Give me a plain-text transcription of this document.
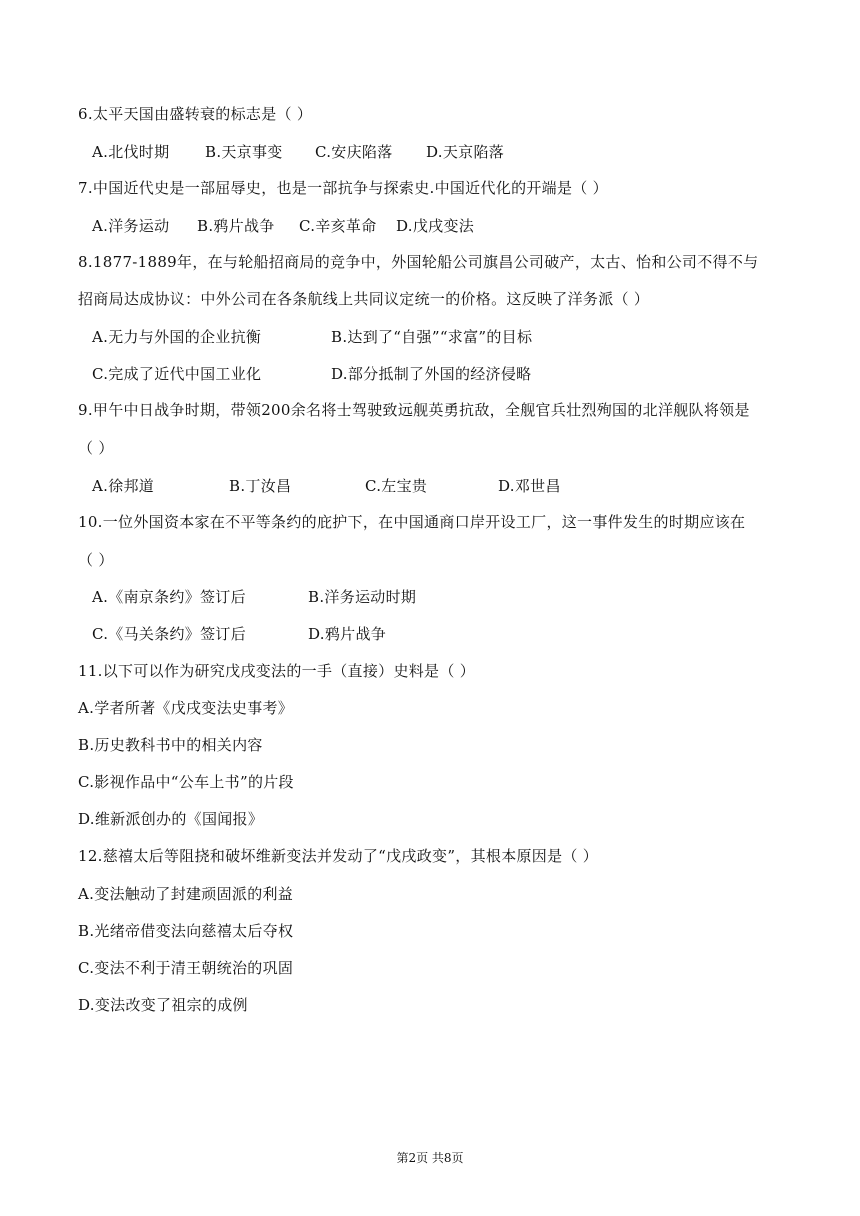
6.太平天国由盛转衰的标志是（ ）
A.北伐时期 B.天京事变 C.安庆陷落 D.天京陷落
7.中国近代史是一部屈辱史，也是一部抗争与探索史.中国近代化的开端是（ ）
A.洋务运动 B.鸦片战争 C.辛亥革命 D.戊戌变法
8.1877-1889年，在与轮船招商局的竞争中，外国轮船公司旗昌公司破产，太古、怡和公司不得不与
招商局达成协议：中外公司在各条航线上共同议定统一的价格。这反映了洋务派（ ）
A.无力与外国的企业抗衡	B.达到了“自强”“求富”的目标
C.完成了近代中国工业化	D.部分抵制了外国的经济侵略
9.甲午中日战争时期，带领200余名将士驾驶致远舰英勇抗敌，全舰官兵壮烈殉国的北洋舰队将领是
（ ）
A.徐邦道	B.丁汝昌	C.左宝贵	D.邓世昌
10.一位外国资本家在不平等条约的庇护下，在中国通商口岸开设工厂，这一事件发生的时期应该在
（ ）
A.《南京条约》签订后	B.洋务运动时期
C.《马关条约》签订后	D.鸦片战争
11.以下可以作为研究戊戌变法的一手（直接）史料是（ ）
A.学者所著《戊戌变法史事考》
B.历史教科书中的相关内容
C.影视作品中“公车上书”的片段
D.维新派创办的《国闻报》
12.慈禧太后等阻挠和破坏维新变法并发动了“戊戌政变”，其根本原因是（ ）
A.变法触动了封建顽固派的利益
B.光绪帝借变法向慈禧太后夺权
C.变法不利于清王朝统治的巩固
D.变法改变了祖宗的成例
第2页 共8页
